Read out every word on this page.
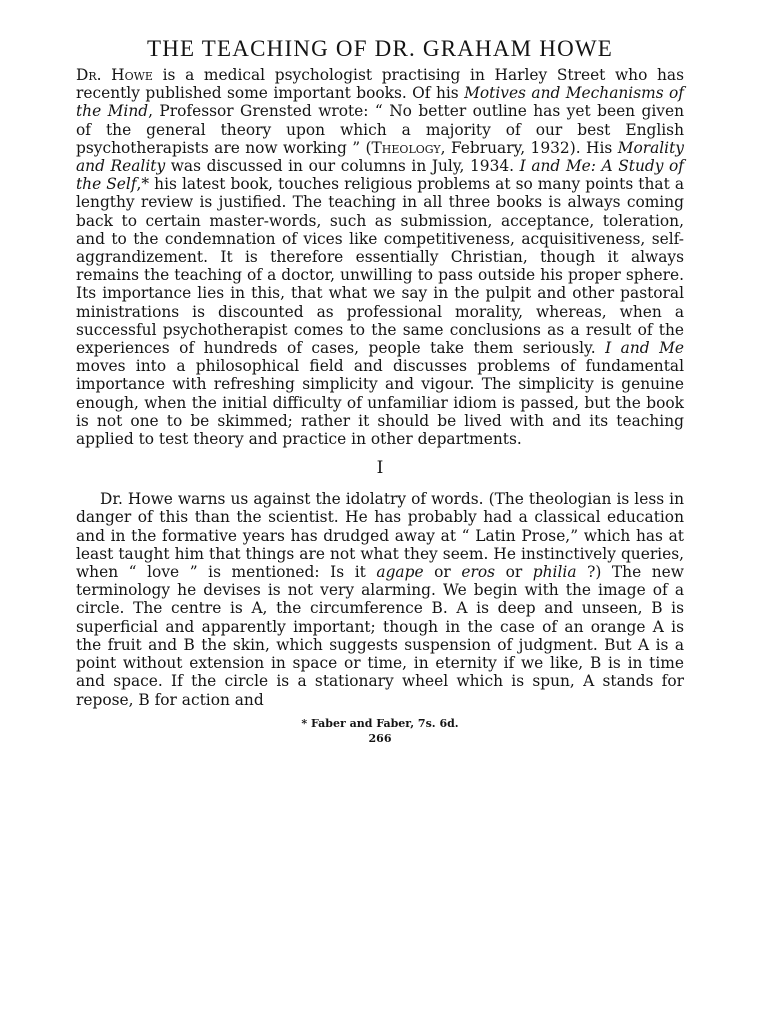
THE TEACHING OF DR. GRAHAM HOWE

Dr. Howe is a medical psychologist practising in Harley Street who has recently published some important books. Of his Motives and Mechanisms of the Mind, Professor Grensted wrote: “ No better outline has yet been given of the general theory upon which a majority of our best English psychotherapists are now working ” (Theology, February, 1932). His Morality and Reality was discussed in our columns in July, 1934. I and Me: A Study of the Self,* his latest book, touches religious problems at so many points that a lengthy review is justified. The teaching in all three books is always coming back to certain master-words, such as submission, acceptance, toleration, and to the condemnation of vices like competitiveness, acquisitiveness, self-aggrandizement. It is therefore essentially Christian, though it always remains the teaching of a doctor, unwilling to pass outside his proper sphere. Its importance lies in this, that what we say in the pulpit and other pastoral ministrations is discounted as professional morality, whereas, when a successful psychotherapist comes to the same conclusions as a result of the experiences of hundreds of cases, people take them seriously. I and Me moves into a philosophical field and discusses problems of fundamental importance with refreshing simplicity and vigour. The simplicity is genuine enough, when the initial difficulty of unfamiliar idiom is passed, but the book is not one to be skimmed; rather it should be lived with and its teaching applied to test theory and practice in other departments.

I

Dr. Howe warns us against the idolatry of words. (The theologian is less in danger of this than the scientist. He has probably had a classical education and in the formative years has drudged away at “ Latin Prose,” which has at least taught him that things are not what they seem. He instinctively queries, when “ love ” is mentioned: Is it agape or eros or philia ?) The new terminology he devises is not very alarming. We begin with the image of a circle. The centre is A, the circumference B. A is deep and unseen, B is superficial and apparently important; though in the case of an orange A is the fruit and B the skin, which suggests suspension of judgment. But A is a point without extension in space or time, in eternity if we like, B is in time and space. If the circle is a stationary wheel which is spun, A stands for repose, B for action and

* Faber and Faber, 7s. 6d.
266
